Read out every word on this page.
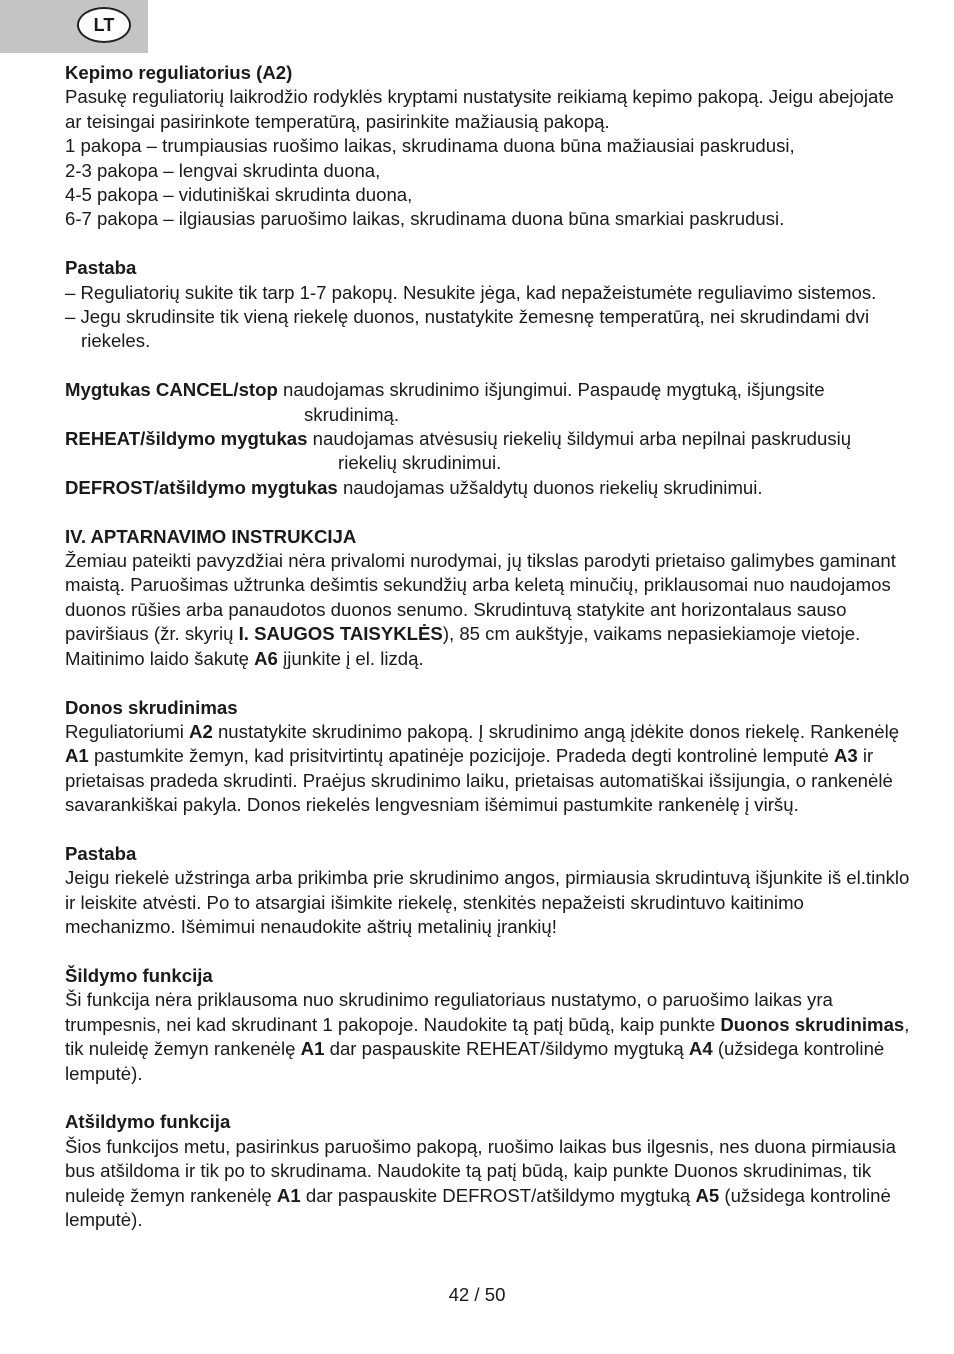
LT

Kepimo reguliatorius (A2)

Pasukę reguliatorių laikrodžio rodyklės kryptami nustatysite reikiamą kepimo pakopą. Jeigu abejojate ar teisingai pasirinkote temperatūrą, pasirinkite mažiausią pakopą.

1 pakopa – trumpiausias ruošimo laikas, skrudinama duona būna mažiausiai paskrudusi,

2-3 pakopa – lengvai skrudinta duona,

4-5 pakopa – vidutiniškai skrudinta duona,

6-7 pakopa – ilgiausias paruošimo laikas, skrudinama duona būna smarkiai paskrudusi.

Pastaba

– Reguliatorių sukite tik tarp 1-7 pakopų. Nesukite jėga, kad nepažeistumėte reguliavimo sistemos.

– Jegu skrudinsite tik vieną riekelę duonos, nustatykite žemesnę temperatūrą, nei skrudindami dvi riekeles.

Mygtukas CANCEL/stop naudojamas skrudinimo išjungimui. Paspaudę mygtuką, išjungsite skrudinimą.

REHEAT/šildymo mygtukas naudojamas atvėsusių riekelių šildymui arba nepilnai paskrudusių riekelių skrudinimui.

DEFROST/atšildymo mygtukas naudojamas užšaldytų duonos riekelių skrudinimui.

IV. APTARNAVIMO INSTRUKCIJA

Žemiau pateikti pavyzdžiai nėra privalomi nurodymai, jų tikslas parodyti prietaiso galimybes gaminant maistą. Paruošimas užtrunka dešimtis sekundžių arba keletą minučių, priklausomai nuo naudojamos duonos rūšies arba panaudotos duonos senumo. Skrudintuvą statykite ant horizontalaus sauso paviršiaus (žr. skyrių I. SAUGOS TAISYKLĖS), 85 cm aukštyje, vaikams nepasiekiamoje vietoje. Maitinimo laido šakutę A6 įjunkite į el. lizdą.

Donos skrudinimas

Reguliatoriumi A2 nustatykite skrudinimo pakopą. Į skrudinimo angą įdėkite donos riekelę. Rankenėlę A1 pastumkite žemyn, kad prisitvirtintų apatinėje pozicijoje. Pradeda degti kontrolinė lemputė A3 ir prietaisas pradeda skrudinti. Praėjus skrudinimo laiku, prietaisas automatiškai išsijungia, o rankenėlė savarankiškai pakyla. Donos riekelės lengvesniam išėmimui pastumkite rankenėlę į viršų.

Pastaba

Jeigu riekelė užstringa arba prikimba prie skrudinimo angos, pirmiausia skrudintuvą išjunkite iš el.tinklo ir leiskite atvėsti. Po to atsargiai išimkite riekelę, stenkitės nepažeisti skrudintuvo kaitinimo mechanizmo. Išėmimui nenaudokite aštrių metalinių įrankių!

Šildymo funkcija

Ši funkcija nėra priklausoma nuo skrudinimo reguliatoriaus nustatymo, o paruošimo laikas yra trumpesnis, nei kad skrudinant 1 pakopoje. Naudokite tą patį būdą, kaip punkte Duonos skrudinimas, tik nuleidę žemyn rankenėlę A1 dar paspauskite REHEAT/šildymo mygtuką A4 (užsidega kontrolinė lemputė).

Atšildymo funkcija

Šios funkcijos metu, pasirinkus paruošimo pakopą, ruošimo laikas bus ilgesnis, nes duona pirmiausia bus atšildoma ir tik po to skrudinama. Naudokite tą patį būdą, kaip punkte Duonos skrudinimas, tik nuleidę žemyn rankenėlę A1 dar paspauskite DEFROST/atšildymo mygtuką A5 (užsidega kontrolinė lemputė).

42 / 50
